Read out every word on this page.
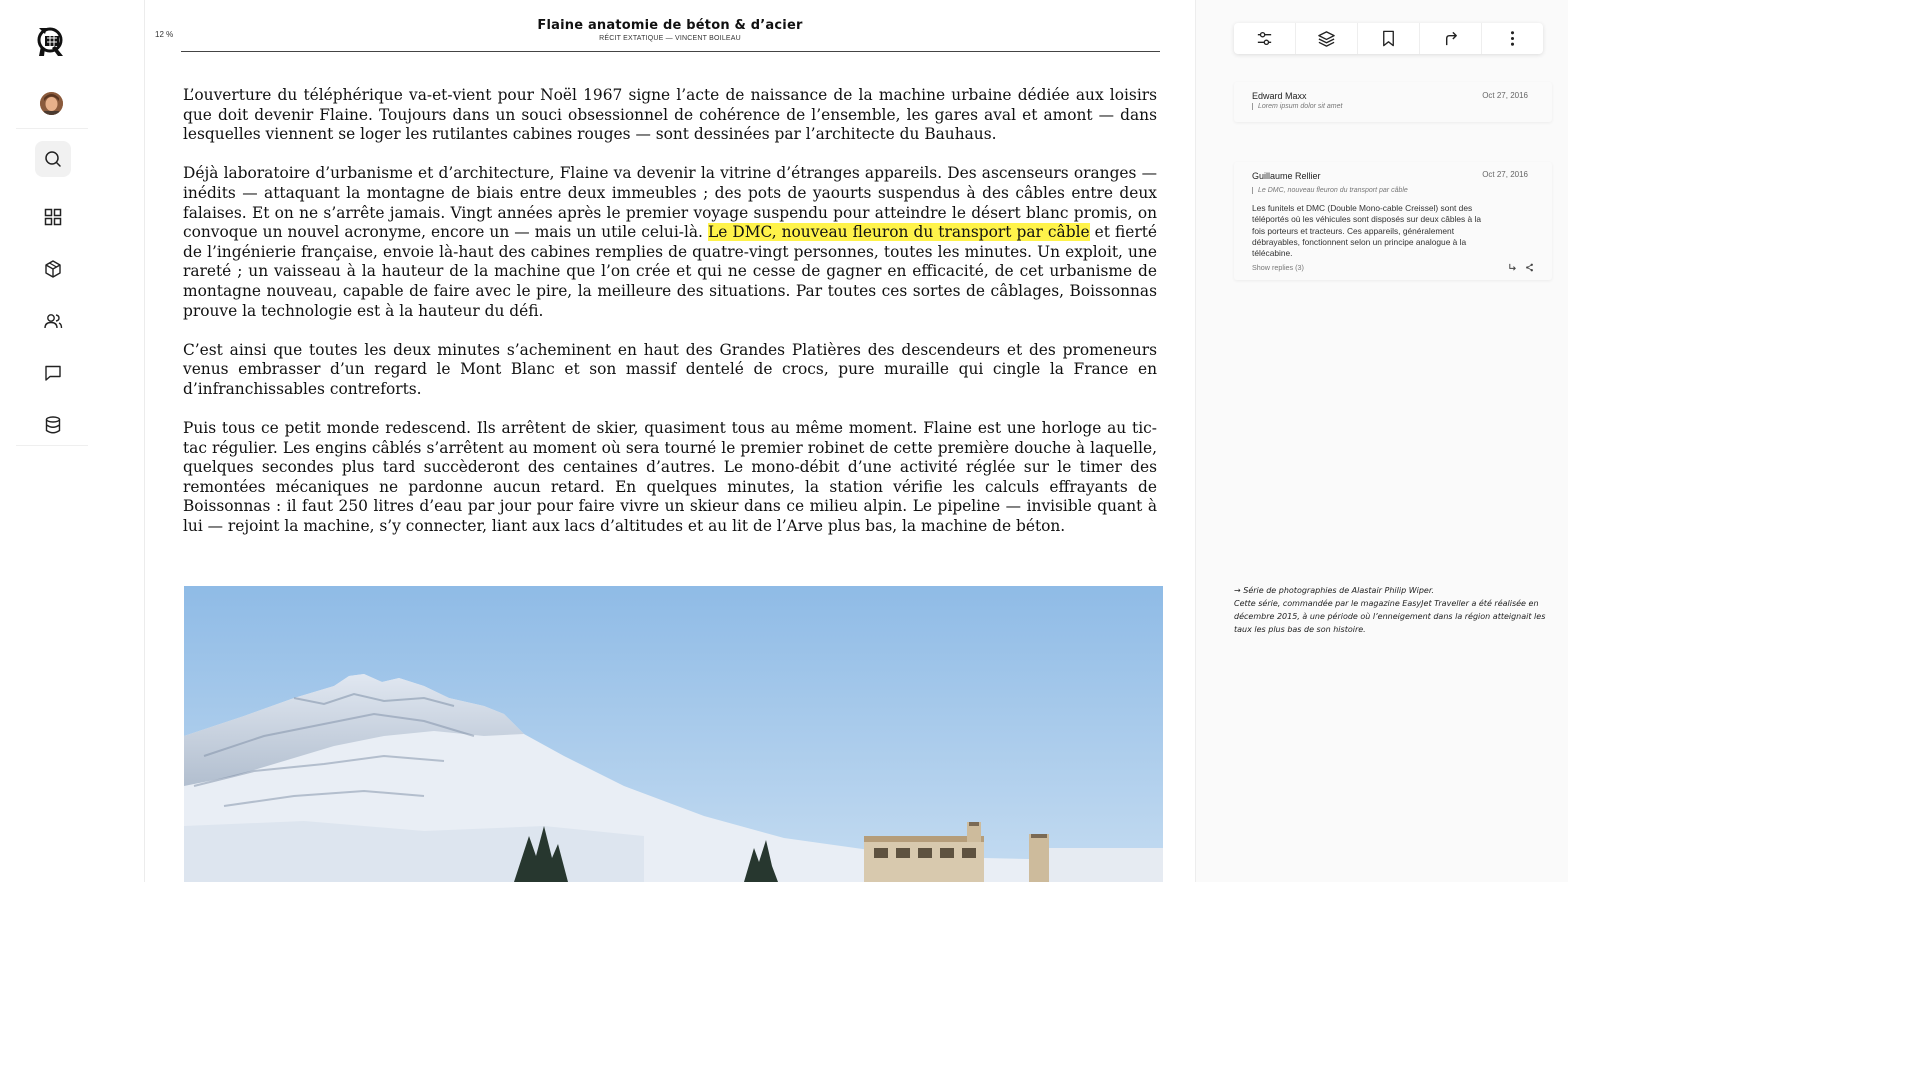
12 %
Flaine anatomie de béton & d’acier
RÉCIT EXTATIQUE — VINCENT BOILEAU

L’ouverture du téléphérique va-et-vient pour Noël 1967 signe l’acte de naissance de la machine urbaine dédiée aux loisirs que doit devenir Flaine. Toujours dans un souci obsessionnel de cohérence de l’ensemble, les gares aval et amont — dans lesquelles viennent se loger les rutilantes cabines rouges — sont dessinées par l’architecte du Bauhaus.

Déjà laboratoire d’urbanisme et d’architecture, Flaine va devenir la vitrine d’étranges appareils. Des ascenseurs oranges — inédits — attaquant la montagne de biais entre deux immeubles ; des pots de yaourts suspendus à des câbles entre deux falaises. Et on ne s’arrête jamais. Vingt années après le premier voyage suspendu pour atteindre le désert blanc promis, on convoque un nouvel acronyme, encore un — mais un utile celui-là. Le DMC, nouveau fleuron du transport par câble et fierté de l’ingénierie française, envoie là-haut des cabines remplies de quatre-vingt personnes, toutes les minutes. Un exploit, une rareté ; un vaisseau à la hauteur de la machine que l’on crée et qui ne cesse de gagner en efficacité, de cet urbanisme de montagne nouveau, capable de faire avec le pire, la meilleure des situations. Par toutes ces sortes de câblages, Boissonnas prouve la technologie est à la hauteur du défi.

C’est ainsi que toutes les deux minutes s’acheminent en haut des Grandes Platières des descendeurs et des promeneurs venus embrasser d’un regard le Mont Blanc et son massif dentelé de crocs, pure muraille qui cingle la France en d’infranchissables contreforts.

Puis tous ce petit monde redescend. Ils arrêtent de skier, quasiment tous au même moment. Flaine est une horloge au tic-tac régulier. Les engins câblés s’arrêtent au moment où sera tourné le premier robinet de cette première douche à laquelle, quelques secondes plus tard succèderont des centaines d’autres. Le mono-débit d’une activité réglée sur le timer des remontées mécaniques ne pardonne aucun retard. En quelques minutes, la station vérifie les calculs effrayants de Boissonnas : il faut 250 litres d’eau par jour pour faire vivre un skieur dans ce milieu alpin. Le pipeline — invisible quant à lui — rejoint la machine, s’y connecter, liant aux lacs d’altitudes et au lit de l’Arve plus bas, la machine de béton.

Edward Maxx	Oct 27, 2016
Lorem ipsum dolor sit amet
Guillaume Rellier	Oct 27, 2016
Le DMC, nouveau fleuron du transport par câble
Les funitels et DMC (Double Mono-cable Creissel) sont des téléportés où les véhicules sont disposés sur deux câbles à la fois porteurs et tracteurs. Ces appareils, généralement débrayables, fonctionnent selon un principe analogue à la télécabine.
Show replies (3)
→ Série de photographies de Alastair Philip Wiper.
Cette série, commandée par le magazine EasyJet Traveller a été réalisée en décembre 2015, à une période où l’enneigement dans la région atteignait les taux les plus bas de son histoire.
